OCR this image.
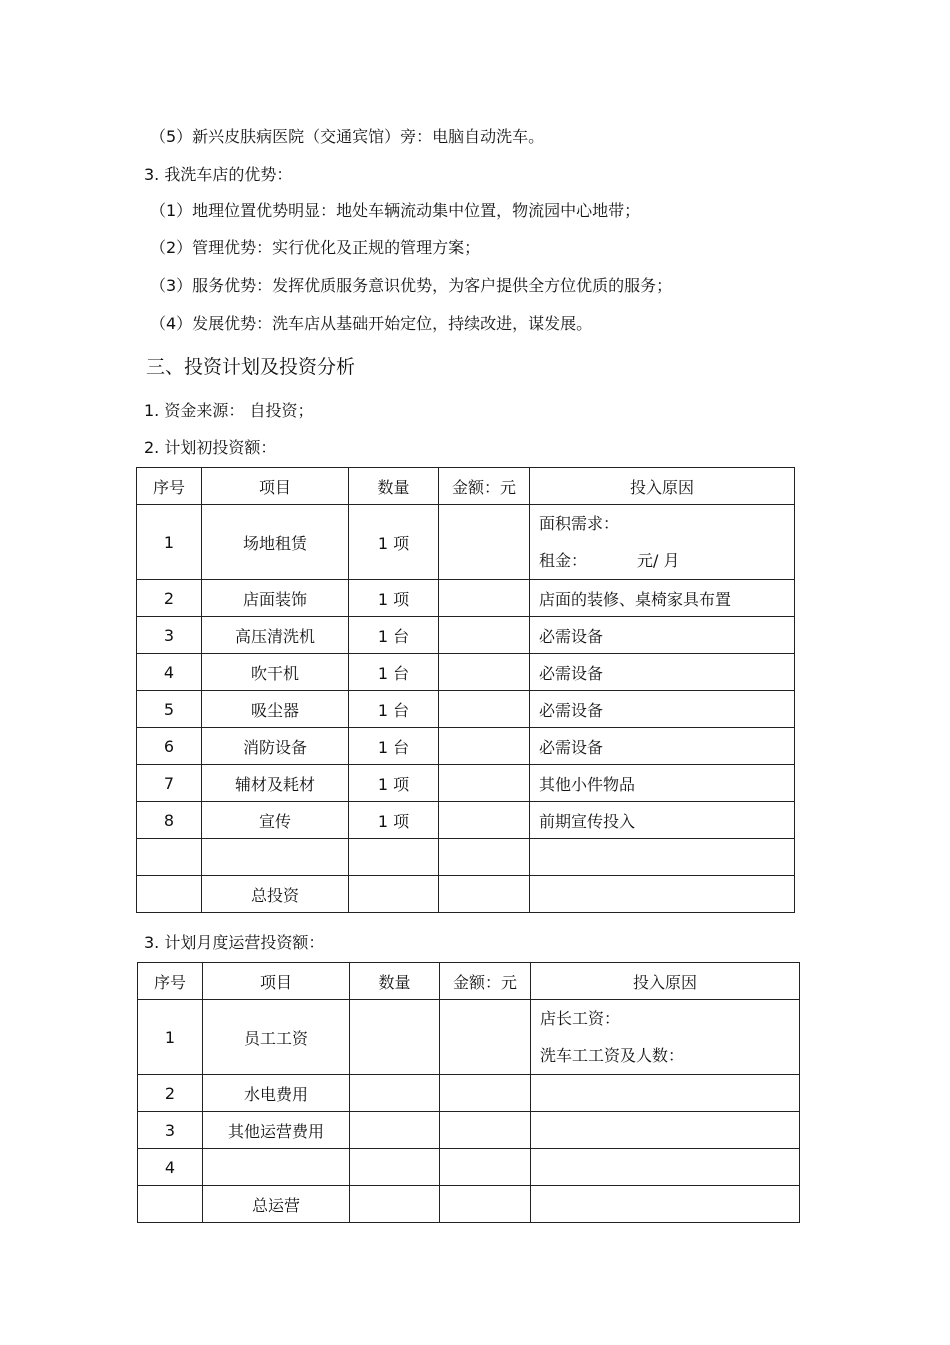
（5）新兴皮肤病医院（交通宾馆）旁：电脑自动洗车。
3. 我洗车店的优势：
（1）地理位置优势明显：地处车辆流动集中位置，物流园中心地带；
（2）管理优势：实行优化及正规的管理方案；
（3）服务优势：发挥优质服务意识优势，为客户提供全方位优质的服务；
（4）发展优势：洗车店从基础开始定位，持续改进，谋发展。
三、投资计划及投资分析
1. 资金来源： 自投资；
2. 计划初投资额：
序号	项目	数量	金额：元	投入原因
1	场地租赁	1 项		面积需求：
租金： 元/ 月

2	店面装饰	1 项		店面的装修、桌椅家具布置
3	高压清洗机	1 台		必需设备
4	吹干机	1 台		必需设备
5	吸尘器	1 台		必需设备
6	消防设备	1 台		必需设备
7	辅材及耗材	1 项		其他小件物品
8	宣传	1 项		前期宣传投入

	总投资			
3. 计划月度运营投资额：
序号	项目	数量	金额：元	投入原因
1	员工工资			店长工资：
洗车工工资及人数：

2	水电费用			
3	其他运营费用			
4				
	总运营			
